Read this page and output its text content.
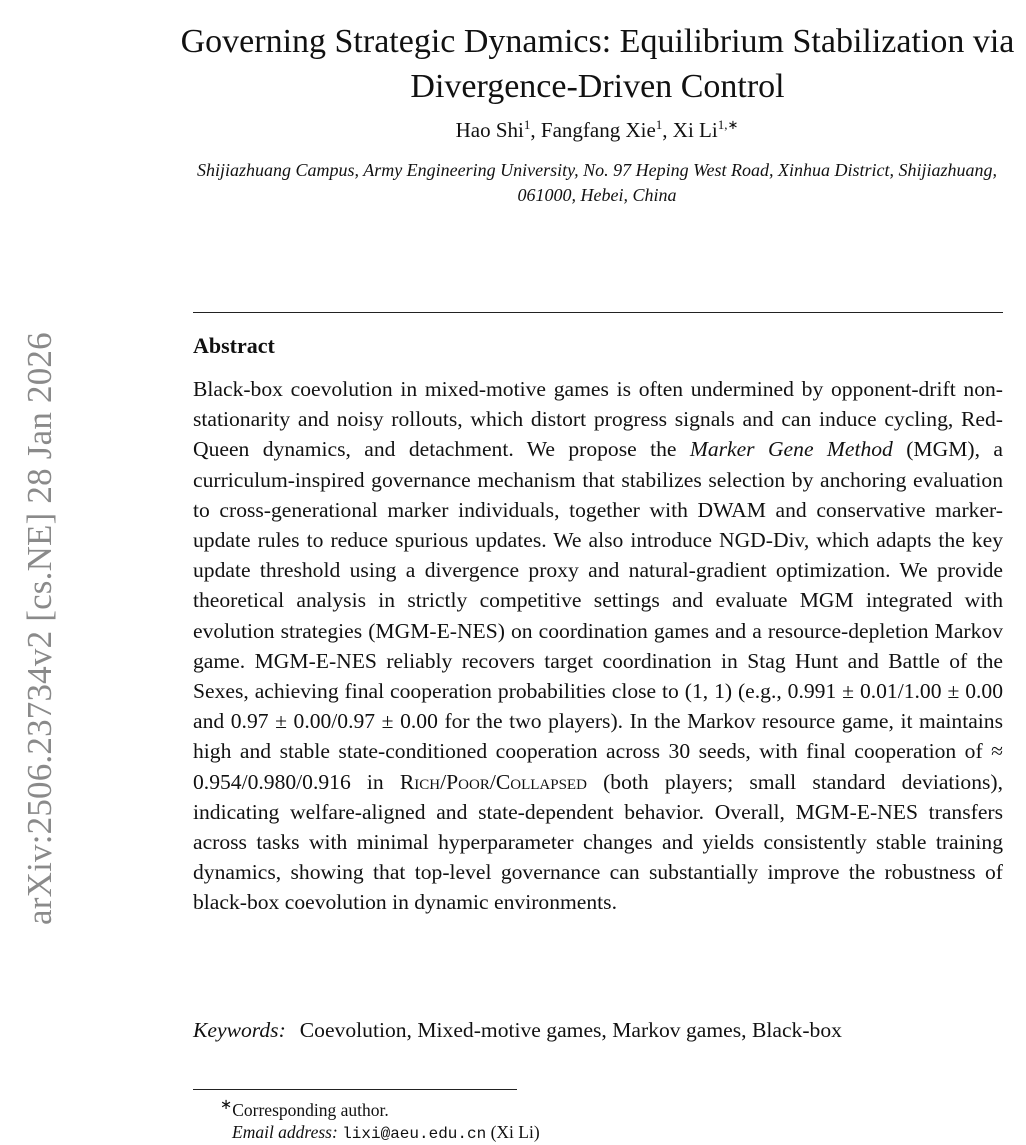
arXiv:2506.23734v2 [cs.NE] 28 Jan 2026
Governing Strategic Dynamics: Equilibrium Stabilization via Divergence-Driven Control
Hao Shi$^1$, Fangfang Xie$^1$, Xi $Li^{1,∗}$
Shijiazhuang Campus, Army Engineering University, No. 97 Heping West Road, Xinhua District, Shijiazhuang, 061000, Hebei, China
Abstract

Black-box coevolution in mixed-motive games is often undermined by opponent-drift non-stationarity and noisy rollouts, which distort progress signals and can induce cycling, Red-Queen dynamics, and detachment. We propose the Marker Gene Method (MGM), a curriculum-inspired governance mechanism that stabilizes selection by anchoring evaluation to cross-generational marker individuals, together with DWAM and conservative marker-update rules to reduce spurious updates. We also introduce NGD-Div, which adapts the key update threshold using a divergence proxy and natural-gradient optimization. We provide theoretical analysis in strictly competitive settings and evaluate MGM integrated with evolution strategies (MGM-E-NES) on coordination games and a resource-depletion Markov game. MGM-E-NES reliably recovers target coordination in Stag Hunt and Battle of the Sexes, achieving final cooperation probabilities close to (1, 1) (e.g., 0.991 ± 0.01/1.00 ± 0.00 and 0.97 ± 0.00/0.97 ± 0.00 for the two players). In the Markov resource game, it maintains high and stable state-conditioned cooperation across 30 seeds, with final cooperation of ≈ 0.954/0.980/0.916 in Rich/Poor/Collapsed (both players; small standard deviations), indicating welfare-aligned and state-dependent behavior. Overall, MGM-E-NES transfers across tasks with minimal hyperparameter changes and yields consistently stable training dynamics, showing that top-level governance can substantially improve the robustness of black-box coevolution in dynamic environments.

Keywords: Coevolution, Mixed-motive games, Markov games, Black-box
∗Corresponding author.
Email address: lixi@aeu.edu.cn (Xi Li)
